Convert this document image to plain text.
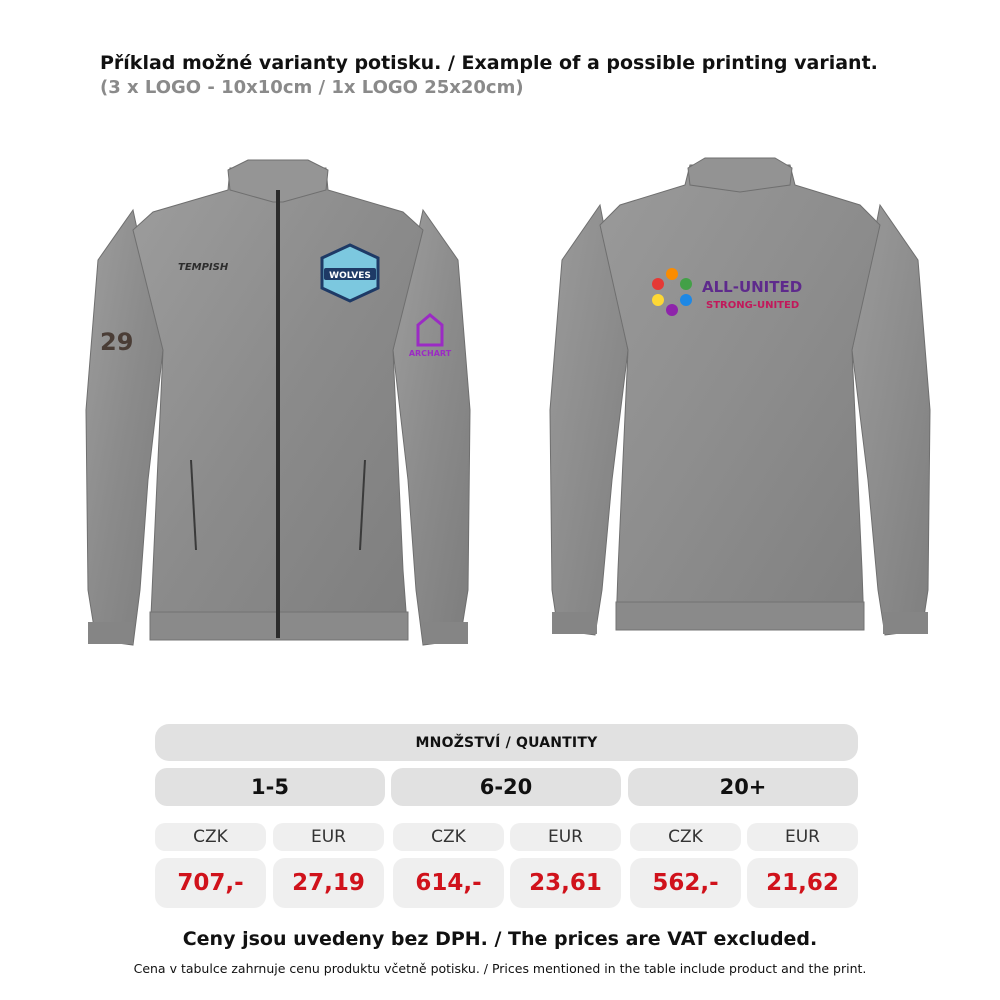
Příklad možné varianty potisku. / Example of a possible printing variant.
(3 x LOGO - 10x10cm / 1x LOGO 25x20cm)
WOLVES
TEMPISH
29	ARCHART
ALL-UNITED
STRONG-UNITED
MNOŽSTVÍ / QUANTITY
1-5	6-20	20+
CZK	EUR	CZK	EUR	CZK	EUR
707,-	27,19	614,-	23,61	562,-	21,62
Ceny jsou uvedeny bez DPH. / The prices are VAT excluded.
Cena v tabulce zahrnuje cenu produktu včetně potisku. / Prices mentioned in the table include product and the print.
